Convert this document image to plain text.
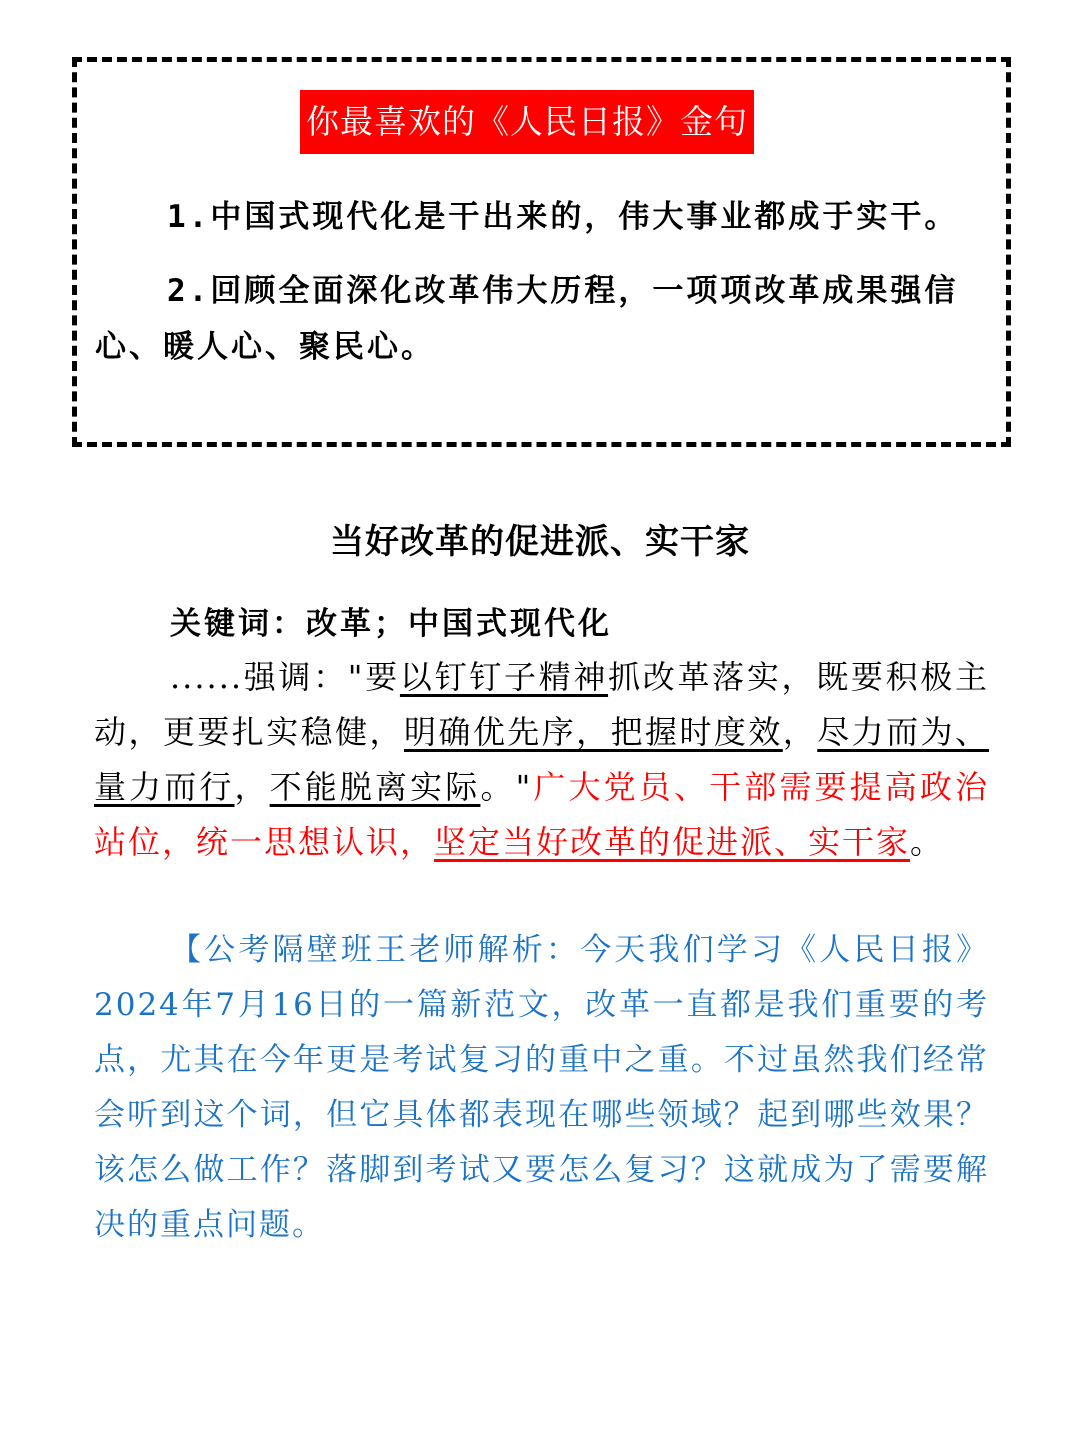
你最喜欢的《人民日报》金句

1.中国式现代化是干出来的，伟大事业都成于实干。

2.回顾全面深化改革伟大历程，一项项改革成果强信心、暖人心、聚民心。

当好改革的促进派、实干家

关键词：改革；中国式现代化

......强调："要以钉钉子精神抓改革落实，既要积极主动，更要扎实稳健，明确优先序，把握时度效，尽力而为、量力而行，不能脱离实际。"广大党员、干部需要提高政治站位，统一思想认识，坚定当好改革的促进派、实干家。

【公考隔壁班王老师解析：今天我们学习《人民日报》2024年7月16日的一篇新范文，改革一直都是我们重要的考点，尤其在今年更是考试复习的重中之重。不过虽然我们经常会听到这个词，但它具体都表现在哪些领域？起到哪些效果？该怎么做工作？落脚到考试又要怎么复习？这就成为了需要解决的重点问题。
